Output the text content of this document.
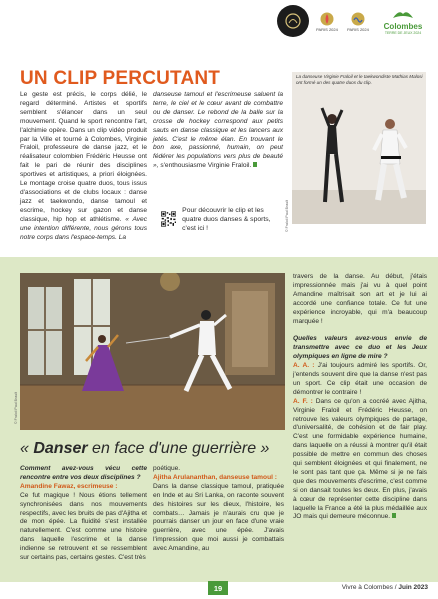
PARIS 2024 PARIS 2024 Colombes
TERRE DE JEUX 2024
UN CLIP PERCUTANT
Le geste est précis, le corps délié, le regard déterminé. Artistes et sportifs semblent s'élancer dans un seul mouvement. Quand le sport rencontre l'art, l'alchimie opère. Dans un clip vidéo produit par la Ville et tourné à Colombes, Virginie Fraloil, professeure de danse jazz, et le réalisateur colombien Frédéric Heusse ont fait le pari de réunir des disciplines sportives et artistiques, a priori éloignées. Le montage croise quatre duos, tous issus d'associations et de clubs locaux : danse jazz et taekwondo, danse tamoul et escrime, hockey sur gazon et danse classique, hip hop et athlétisme. « Avec une intention différente, nous gérons tous notre corps dans l'espace-temps. La
danseuse tamoul et l'escrimeuse saluent la terre, le ciel et le cœur avant de combattre ou de danser. Le rebond de la balle sur la crosse de hockey correspond aux petits sauts en danse classique et les lancers aux jetés. C'est le même élan. En trouvant le bon axe, passionné, humain, on peut fédérer les populations vers plus de beauté », s'enthousiasme Virginie Fraloil.
Pour découvrir le clip et les quatre duos danses & sports, c'est ici !
La danseuse Virginie Fraloil et le taekwondiste Mathias Malosi ont formé un des quatre duos du clip.
© Fraloil Paul Brault
© Fraloil Paul Brault
travers de la danse. Au début, j'étais impressionnée mais j'ai vu à quel point Amandine maîtrisait son art et je lui ai accordé une confiance totale. Ce fut une expérience incroyable, qui m'a beaucoup marquée !

Quelles valeurs avez-vous envie de transmettre avec ce duo et les Jeux olympiques en ligne de mire ?
A. A. : J'ai toujours admiré les sportifs. Or, j'entends souvent dire que la danse n'est pas un sport. Ce clip était une occasion de démontrer le contraire !
A. F. : Dans ce qu'on a cocréé avec Ajitha, Virginie Fraloil et Frédéric Heusse, on retrouve les valeurs olympiques de partage, d'universalité, de cohésion et de fair play. C'est une formidable expérience humaine, dans laquelle on a réussi à montrer qu'il était possible de mettre en commun des choses qui semblent éloignées et qui finalement, ne le sont pas tant que ça. Même si je ne fais que des mouvements d'escrime, c'est comme si on dansait toutes les deux. En plus, j'avais à cœur de représenter cette discipline dans laquelle la France a été la plus médaillée aux JO mais qui demeure méconnue.
« Danser en face d'une guerrière »
Comment avez-vous vécu cette rencontre entre vos deux disciplines ?
Amandine Fawaz, escrimeuse :
Ce fut magique ! Nous étions tellement synchronisées dans nos mouvements respectifs, avec les bruits de pas d'Ajitha et de mon épée. La fluidité s'est installée naturellement. C'est comme une histoire dans laquelle l'escrime et la danse indienne se retrouvent et se ressemblent sur certains pas, certains gestes. C'est très
poétique.
Ajitha Arulananthan, danseuse tamoul :
Dans la danse classique tamoul, pratiquée en Inde et au Sri Lanka, on raconte souvent des histoires sur les dieux, l'histoire, les combats… Jamais je n'aurais cru que je pourrais danser un jour en face d'une vraie guerrière, avec une épée. J'avais l'impression que moi aussi je combattais avec Amandine, au
19	Vivre à Colombes / Juin 2023
